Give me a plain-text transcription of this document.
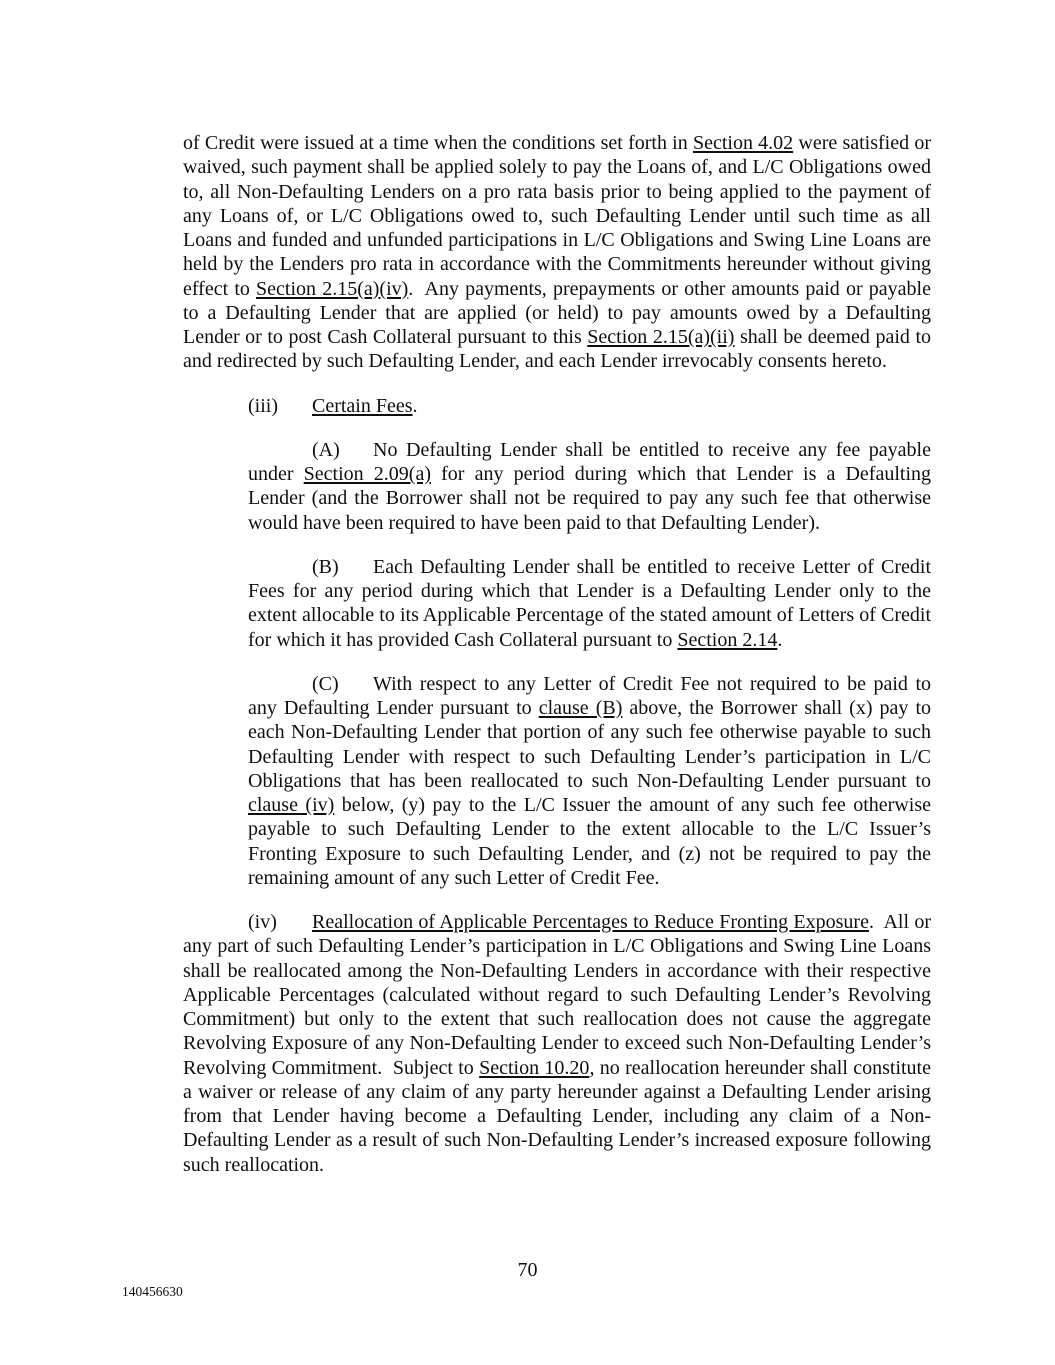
of Credit were issued at a time when the conditions set forth in Section 4.02 were satisfied or waived, such payment shall be applied solely to pay the Loans of, and L/C Obligations owed to, all Non-Defaulting Lenders on a pro rata basis prior to being applied to the payment of any Loans of, or L/C Obligations owed to, such Defaulting Lender until such time as all Loans and funded and unfunded participations in L/C Obligations and Swing Line Loans are held by the Lenders pro rata in accordance with the Commitments hereunder without giving effect to Section 2.15(a)(iv).  Any payments, prepayments or other amounts paid or payable to a Defaulting Lender that are applied (or held) to pay amounts owed by a Defaulting Lender or to post Cash Collateral pursuant to this Section 2.15(a)(ii) shall be deemed paid to and redirected by such Defaulting Lender, and each Lender irrevocably consents hereto.

(iii) Certain Fees.

(A) No Defaulting Lender shall be entitled to receive any fee payable under Section 2.09(a) for any period during which that Lender is a Defaulting Lender (and the Borrower shall not be required to pay any such fee that otherwise would have been required to have been paid to that Defaulting Lender).

(B) Each Defaulting Lender shall be entitled to receive Letter of Credit Fees for any period during which that Lender is a Defaulting Lender only to the extent allocable to its Applicable Percentage of the stated amount of Letters of Credit for which it has provided Cash Collateral pursuant to Section 2.14.

(C) With respect to any Letter of Credit Fee not required to be paid to any Defaulting Lender pursuant to clause (B) above, the Borrower shall (x) pay to each Non-Defaulting Lender that portion of any such fee otherwise payable to such Defaulting Lender with respect to such Defaulting Lender’s participation in L/C Obligations that has been reallocated to such Non-Defaulting Lender pursuant to clause (iv) below, (y) pay to the L/C Issuer the amount of any such fee otherwise payable to such Defaulting Lender to the extent allocable to the L/C Issuer’s Fronting Exposure to such Defaulting Lender, and (z) not be required to pay the remaining amount of any such Letter of Credit Fee.

(iv) Reallocation of Applicable Percentages to Reduce Fronting Exposure.  All or any part of such Defaulting Lender’s participation in L/C Obligations and Swing Line Loans shall be reallocated among the Non-Defaulting Lenders in accordance with their respective Applicable Percentages (calculated without regard to such Defaulting Lender’s Revolving Commitment) but only to the extent that such reallocation does not cause the aggregate Revolving Exposure of any Non-Defaulting Lender to exceed such Non-Defaulting Lender’s Revolving Commitment.  Subject to Section 10.20, no reallocation hereunder shall constitute a waiver or release of any claim of any party hereunder against a Defaulting Lender arising from that Lender having become a Defaulting Lender, including any claim of a Non-Defaulting Lender as a result of such Non-Defaulting Lender’s increased exposure following such reallocation.

70
140456630
